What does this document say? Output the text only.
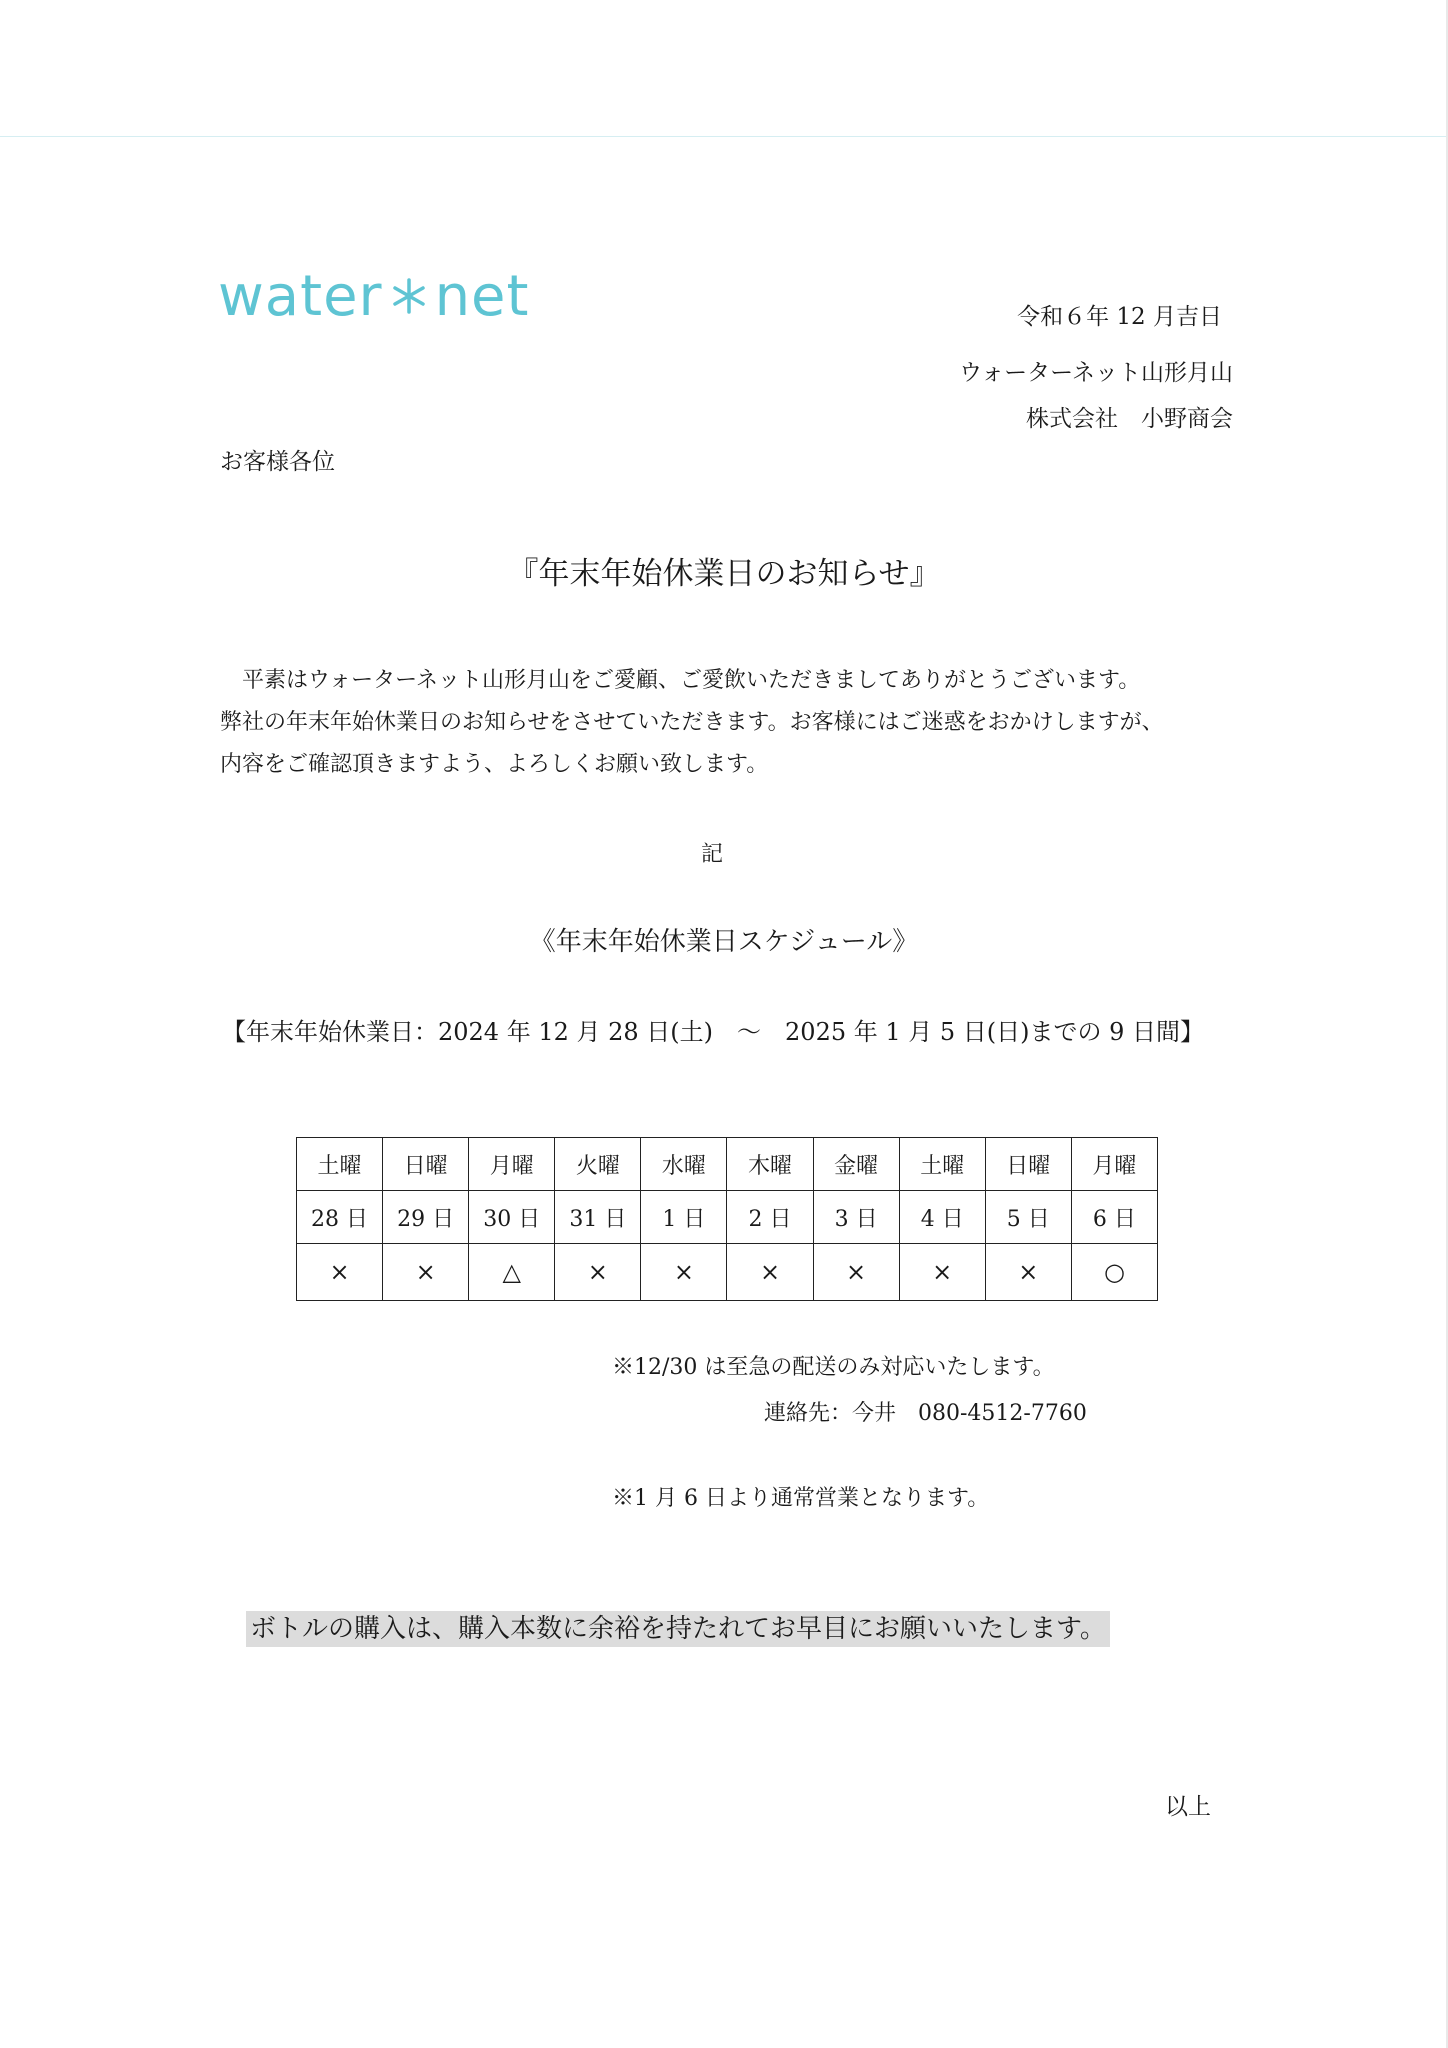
water net	令和６年 12 月吉日
ウォーターネット山形月山
株式会社　小野商会
お客様各位
『年末年始休業日のお知らせ』

平素はウォーターネット山形月山をご愛顧、ご愛飲いただきましてありがとうございます。

弊社の年末年始休業日のお知らせをさせていただきます。お客様にはご迷惑をおかけしますが、

内容をご確認頂きますよう、よろしくお願い致します。

記
《年末年始休業日スケジュール》
【年末年始休業日：2024 年 12 月 28 日(土)　～　2025 年 1 月 5 日(日)までの 9 日間】
土曜	日曜	月曜	火曜	水曜	木曜	金曜	土曜	日曜	月曜
28 日	29 日	30 日	31 日	1 日	2 日	3 日	4 日	5 日	6 日
×	×	△	×	×	×	×	×	×	○
※12/30 は至急の配送のみ対応いたします。
連絡先：今井　080-4512-7760
※1 月 6 日より通常営業となります。
ボトルの購入は、購入本数に余裕を持たれてお早目にお願いいたします。
以上
